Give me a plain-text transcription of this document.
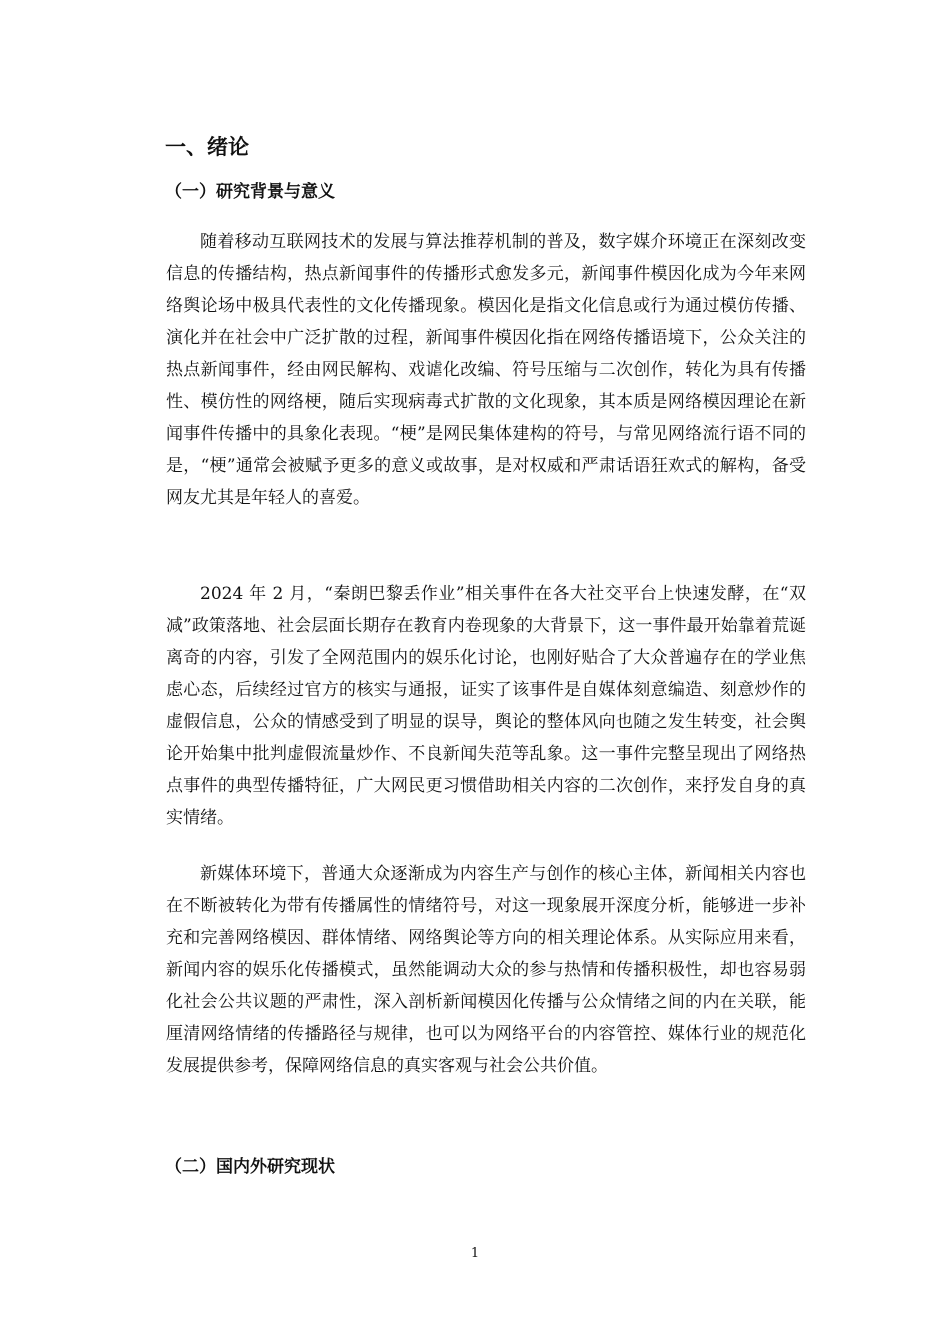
一、绪论
（一）研究背景与意义

随着移动互联网技术的发展与算法推荐机制的普及，数字媒介环境正在深刻改变信息的传播结构，热点新闻事件的传播形式愈发多元，新闻事件模因化成为今年来网络舆论场中极具代表性的文化传播现象。模因化是指文化信息或行为通过模仿传播、演化并在社会中广泛扩散的过程，新闻事件模因化指在网络传播语境下，公众关注的热点新闻事件，经由网民解构、戏谑化改编、符号压缩与二次创作，转化为具有传播性、模仿性的网络梗，随后实现病毒式扩散的文化现象，其本质是网络模因理论在新闻事件传播中的具象化表现。“梗”是网民集体建构的符号，与常见网络流行语不同的是，“梗”通常会被赋予更多的意义或故事，是对权威和严肃话语狂欢式的解构，备受网友尤其是年轻人的喜爱。

2024 年 2 月，“秦朗巴黎丢作业”相关事件在各大社交平台上快速发酵，在“双减”政策落地、社会层面长期存在教育内卷现象的大背景下，这一事件最开始靠着荒诞离奇的内容，引发了全网范围内的娱乐化讨论，也刚好贴合了大众普遍存在的学业焦虑心态，后续经过官方的核实与通报，证实了该事件是自媒体刻意编造、刻意炒作的虚假信息，公众的情感受到了明显的误导，舆论的整体风向也随之发生转变，社会舆论开始集中批判虚假流量炒作、不良新闻失范等乱象。这一事件完整呈现出了网络热点事件的典型传播特征，广大网民更习惯借助相关内容的二次创作，来抒发自身的真实情绪。

新媒体环境下，普通大众逐渐成为内容生产与创作的核心主体，新闻相关内容也在不断被转化为带有传播属性的情绪符号，对这一现象展开深度分析，能够进一步补充和完善网络模因、群体情绪、网络舆论等方向的相关理论体系。从实际应用来看，新闻内容的娱乐化传播模式，虽然能调动大众的参与热情和传播积极性，却也容易弱化社会公共议题的严肃性，深入剖析新闻模因化传播与公众情绪之间的内在关联，能厘清网络情绪的传播路径与规律，也可以为网络平台的内容管控、媒体行业的规范化发展提供参考，保障网络信息的真实客观与社会公共价值。

（二）国内外研究现状
1
